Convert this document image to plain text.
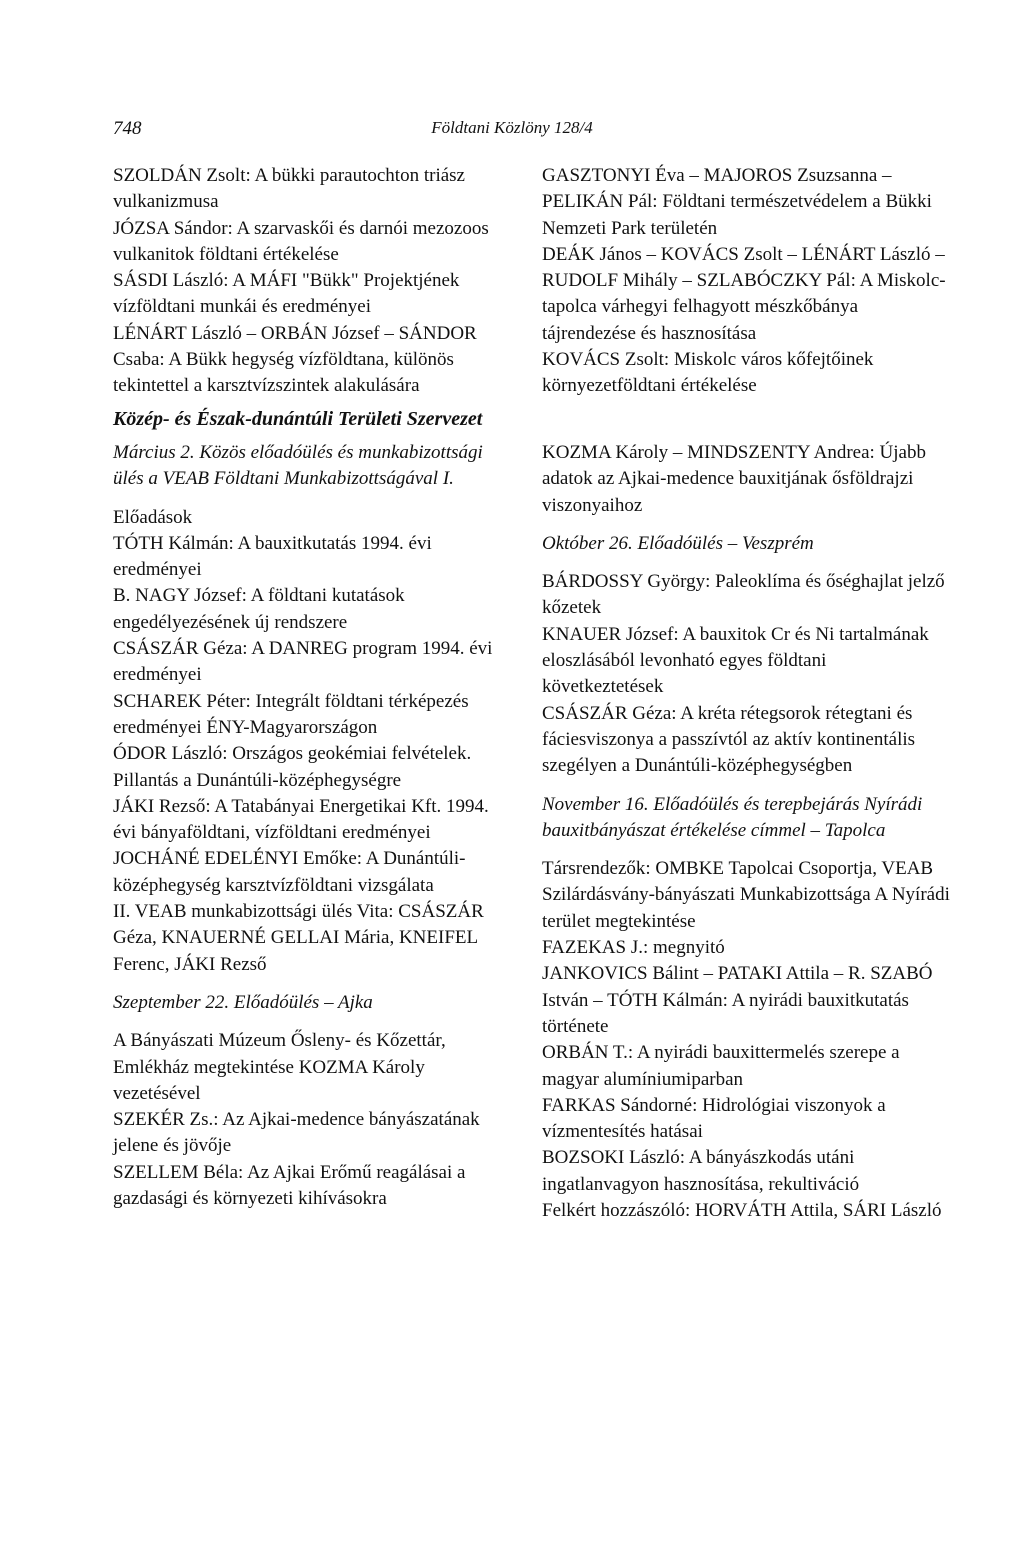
748	Földtani Közlöny 128/4

SZOLDÁN Zsolt: A bükki parautochton triász vulkanizmusa

JÓZSA Sándor: A szarvaskői és darnói mezozoos vulkanitok földtani értékelése

SÁSDI László: A MÁFI "Bükk" Projektjének vízföldtani munkái és eredményei

LÉNÁRT László – ORBÁN József – SÁNDOR Csaba: A Bükk hegység vízföldtana, különös tekintettel a karsztvízszintek alakulására

GASZTONYI Éva – MAJOROS Zsuzsanna – PELIKÁN Pál: Földtani természetvédelem a Bükki Nemzeti Park területén

DEÁK János – KOVÁCS Zsolt – LÉNÁRT László – RUDOLF Mihály – SZLABÓCZKY Pál: A Miskolc-tapolca várhegyi felhagyott mészkőbánya tájrendezése és hasznosítása

KOVÁCS Zsolt: Miskolc város kőfejtőinek környezetföldtani értékelése

Közép- és Észak-dunántúli Területi Szervezet

Március 2. Közös előadóülés és munkabizottsági ülés a VEAB Földtani Munkabizottságával I.

Előadások

TÓTH Kálmán: A bauxitkutatás 1994. évi eredményei

B. NAGY József: A földtani kutatások engedélyezésének új rendszere

CSÁSZÁR Géza: A DANREG program 1994. évi eredményei

SCHAREK Péter: Integrált földtani térképezés eredményei ÉNY-Magyarországon

ÓDOR László: Országos geokémiai felvételek. Pillantás a Dunántúli-középhegységre

JÁKI Rezső: A Tatabányai Energetikai Kft. 1994. évi bányaföldtani, vízföldtani eredményei

JOCHÁNÉ EDELÉNYI Emőke: A Dunántúli-középhegység karsztvízföldtani vizsgálata

II. VEAB munkabizottsági ülés Vita: CSÁSZÁR Géza, KNAUERNÉ GELLAI Mária, KNEIFEL Ferenc, JÁKI Rezső

Szeptember 22. Előadóülés – Ajka

A Bányászati Múzeum Ősleny- és Kőzettár, Emlékház megtekintése KOZMA Károly vezetésével

SZEKÉR Zs.: Az Ajkai-medence bányászatának jelene és jövője

SZELLEM Béla: Az Ajkai Erőmű reagálásai a gazdasági és környezeti kihívásokra

KOZMA Károly – MINDSZENTY Andrea: Újabb adatok az Ajkai-medence bauxitjának ősföldrajzi viszonyaihoz

Október 26. Előadóülés – Veszprém

BÁRDOSSY György: Paleoklíma és őséghajlat jelző kőzetek

KNAUER József: A bauxitok Cr és Ni tartalmának eloszlásából levonható egyes földtani következtetések

CSÁSZÁR Géza: A kréta rétegsorok rétegtani és fáciesviszonya a passzívtól az aktív kontinentális szegélyen a Dunántúli-középhegységben

November 16. Előadóülés és terepbejárás Nyírádi bauxitbányászat értékelése címmel – Tapolca

Társrendezők: OMBKE Tapolcai Csoportja, VEAB Szilárdásvány-bányászati Munkabizottsága A Nyírádi terület megtekintése

FAZEKAS J.: megnyitó

JANKOVICS Bálint – PATAKI Attila – R. SZABÓ István – TÓTH Kálmán: A nyirádi bauxitkutatás története

ORBÁN T.: A nyirádi bauxittermelés szerepe a magyar alumíniumiparban

FARKAS Sándorné: Hidrológiai viszonyok a vízmentesítés hatásai

BOZSOKI László: A bányászkodás utáni ingatlanvagyon hasznosítása, rekultiváció

Felkért hozzászóló: HORVÁTH Attila, SÁRI László
